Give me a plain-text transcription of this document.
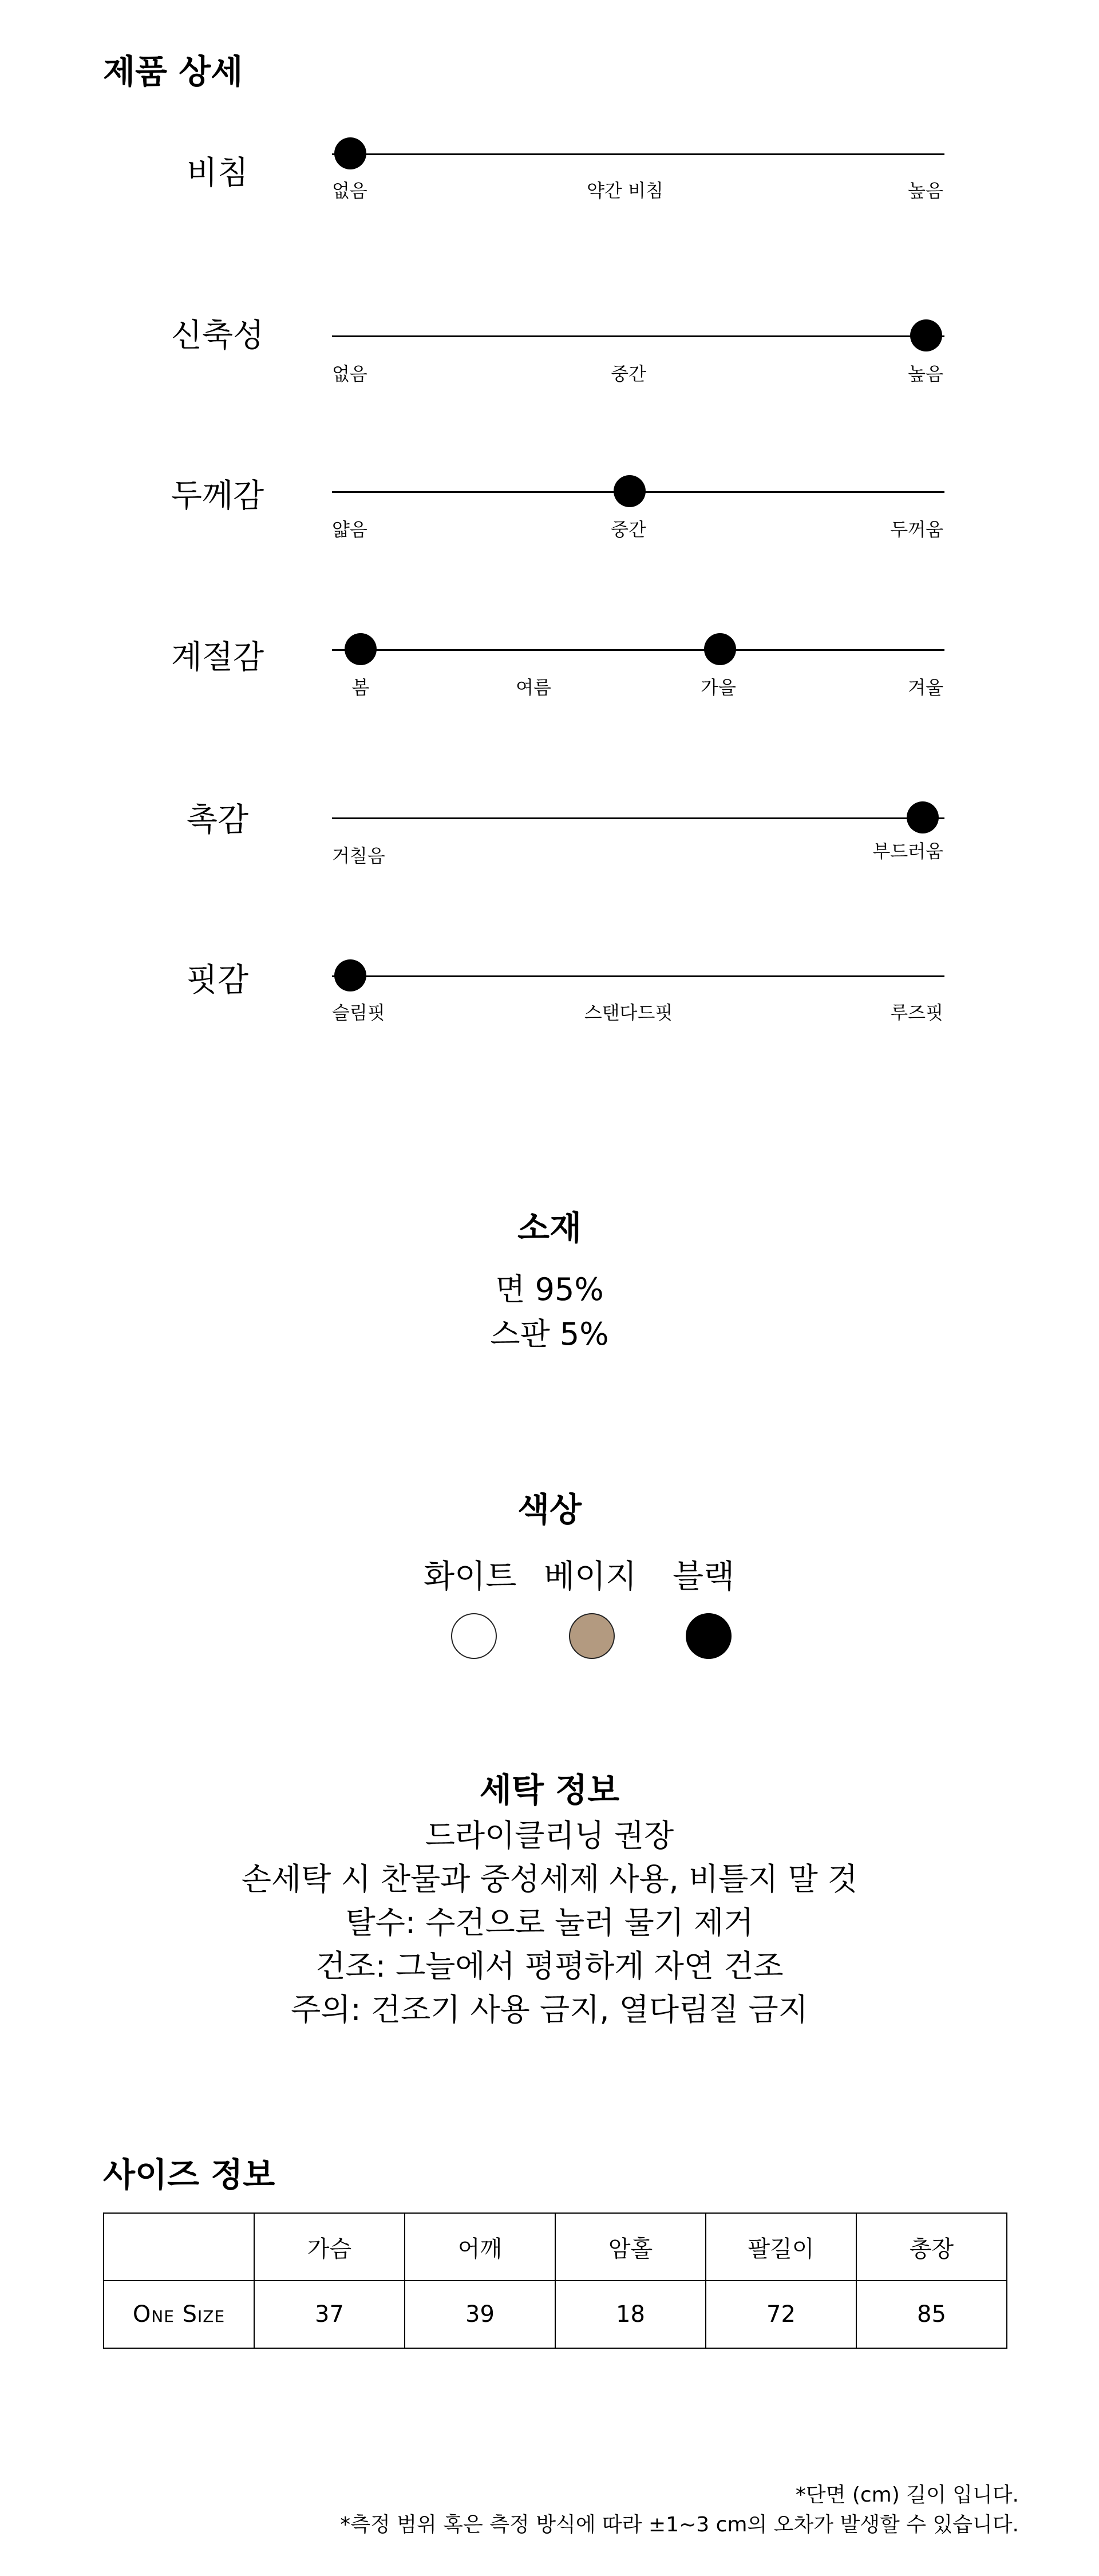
제품 상세
비침	없음	약간 비침	높음
신축성
없음	중간	높음
두께감
얇음	중간	두꺼움
계절감
봄	여름	가을	겨울
촉감
거칠음	부드러움
핏감
슬림핏	스탠다드핏	루즈핏
소재
면 95%
스판 5%
색상
화이트 베이지 블랙
세탁 정보
드라이클리닝 권장
손세탁 시 찬물과 중성세제 사용, 비틀지 말 것
탈수: 수건으로 눌러 물기 제거
건조: 그늘에서 평평하게 자연 건조
주의: 건조기 사용 금지, 열다림질 금지
사이즈 정보
	가슴	어깨	암홀	팔길이	총장
One Size	37	39	18	72	85
*단면 (cm) 길이 입니다.
*측정 범위 혹은 측정 방식에 따라 ±1~3 cm의 오차가 발생할 수 있습니다.
